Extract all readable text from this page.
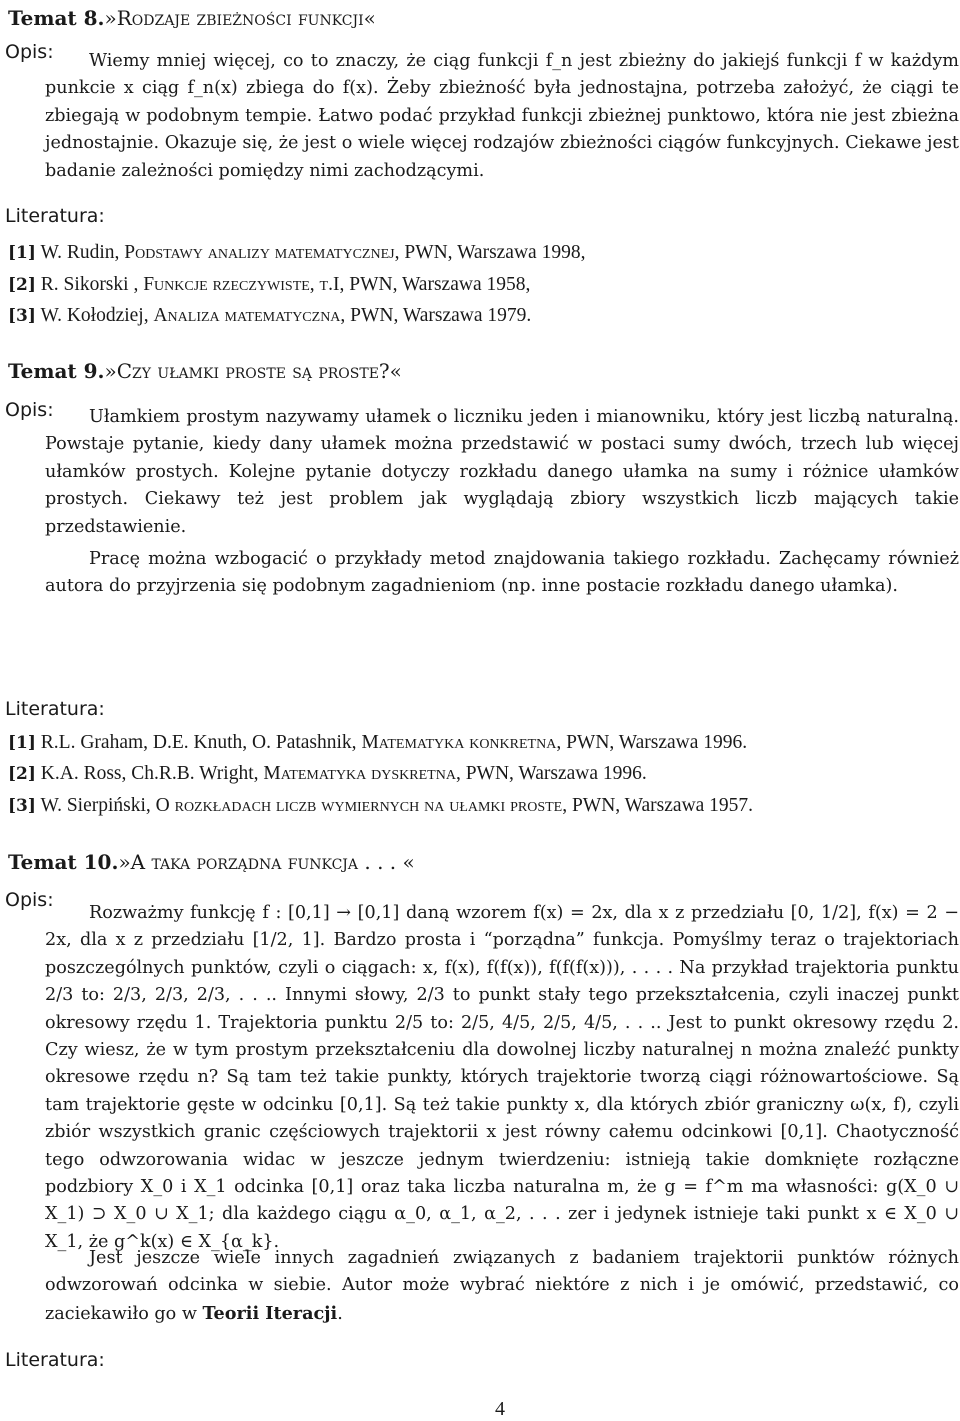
Temat 8.»Rodzaje zbieżności funkcji«
Opis:	Wiemy mniej więcej, co to znaczy, że ciąg funkcji f_n jest zbieżny do jakiejś funkcji f w każdym punkcie x ciąg f_n(x) zbiega do f(x). Żeby zbieżność była jednostajna, potrzeba założyć, że ciągi te zbiegają w podobnym tempie. Łatwo podać przykład funkcji zbieżnej punktowo, która nie jest zbieżna jednostajnie. Okazuje się, że jest o wiele więcej rodzajów zbieżności ciągów funkcyjnych. Ciekawe jest badanie zależności pomiędzy nimi zachodzącymi.
Literatura:
[1] W. Rudin, Podstawy analizy matematycznej, PWN, Warszawa 1998,
[2] R. Sikorski , Funkcje rzeczywiste, t.I, PWN, Warszawa 1958,
[3] W. Kołodziej, Analiza matematyczna, PWN, Warszawa 1979.
Temat 9.»Czy ułamki proste są proste?«
Opis:	Ułamkiem prostym nazywamy ułamek o liczniku jeden i mianowniku, który jest liczbą naturalną. Powstaje pytanie, kiedy dany ułamek można przedstawić w postaci sumy dwóch, trzech lub więcej ułamków prostych. Kolejne pytanie dotyczy rozkładu danego ułamka na sumy i różnice ułamków prostych. Ciekawy też jest problem jak wyglądają zbiory wszystkich liczb mających takie przedstawienie.
Pracę można wzbogacić o przykłady metod znajdowania takiego rozkładu. Zachęcamy również autora do przyjrzenia się podobnym zagadnieniom (np. inne postacie rozkładu danego ułamka).
Literatura:
[1] R.L. Graham, D.E. Knuth, O. Patashnik, Matematyka konkretna, PWN, Warszawa 1996.
[2] K.A. Ross, Ch.R.B. Wright, Matematyka dyskretna, PWN, Warszawa 1996.
[3] W. Sierpiński, O rozkładach liczb wymiernych na ułamki proste, PWN, Warszawa 1957.
Temat 10.»A taka porządna funkcja . . . «
Opis:
Rozważmy funkcję f : [0,1] → [0,1] daną wzorem f(x) = 2x, dla x z przedziału [0, 1/2], f(x) = 2 − 2x, dla x z przedziału [1/2, 1]. Bardzo prosta i “porządna” funkcja. Pomyślmy teraz o trajektoriach poszczególnych punktów, czyli o ciągach: x, f(x), f(f(x)), f(f(f(x))), . . . . Na przykład trajektoria punktu 2/3 to: 2/3, 2/3, 2/3, . . .. Innymi słowy, 2/3 to punkt stały tego przekształcenia, czyli inaczej punkt okresowy rzędu 1. Trajektoria punktu 2/5 to: 2/5, 4/5, 2/5, 4/5, . . .. Jest to punkt okresowy rzędu 2. Czy wiesz, że w tym prostym przekształceniu dla dowolnej liczby naturalnej n można znaleźć punkty okresowe rzędu n? Są tam też takie punkty, których trajektorie tworzą ciągi różnowartościowe. Są tam trajektorie gęste w odcinku [0,1]. Są też takie punkty x, dla których zbiór graniczny ω(x, f), czyli zbiór wszystkich granic częściowych trajektorii x jest równy całemu odcinkowi [0,1]. Chaotyczność tego odwzorowania widac w jeszcze jednym twierdzeniu: istnieją takie domknięte rozłączne podzbiory X_0 i X_1 odcinka [0,1] oraz taka liczba naturalna m, że g = f^m ma własności: g(X_0 ∪ X_1) ⊃ X_0 ∪ X_1; dla każdego ciągu α_0, α_1, α_2, . . . zer i jedynek istnieje taki punkt x ∈ X_0 ∪ X_1, że g^k(x) ∈ X_{α_k}.
Jest jeszcze wiele innych zagadnień związanych z badaniem trajektorii punktów różnych odwzorowań odcinka w siebie. Autor może wybrać niektóre z nich i je omówić, przedstawić, co zaciekawiło go w Teorii Iteracji.
Literatura:
4
